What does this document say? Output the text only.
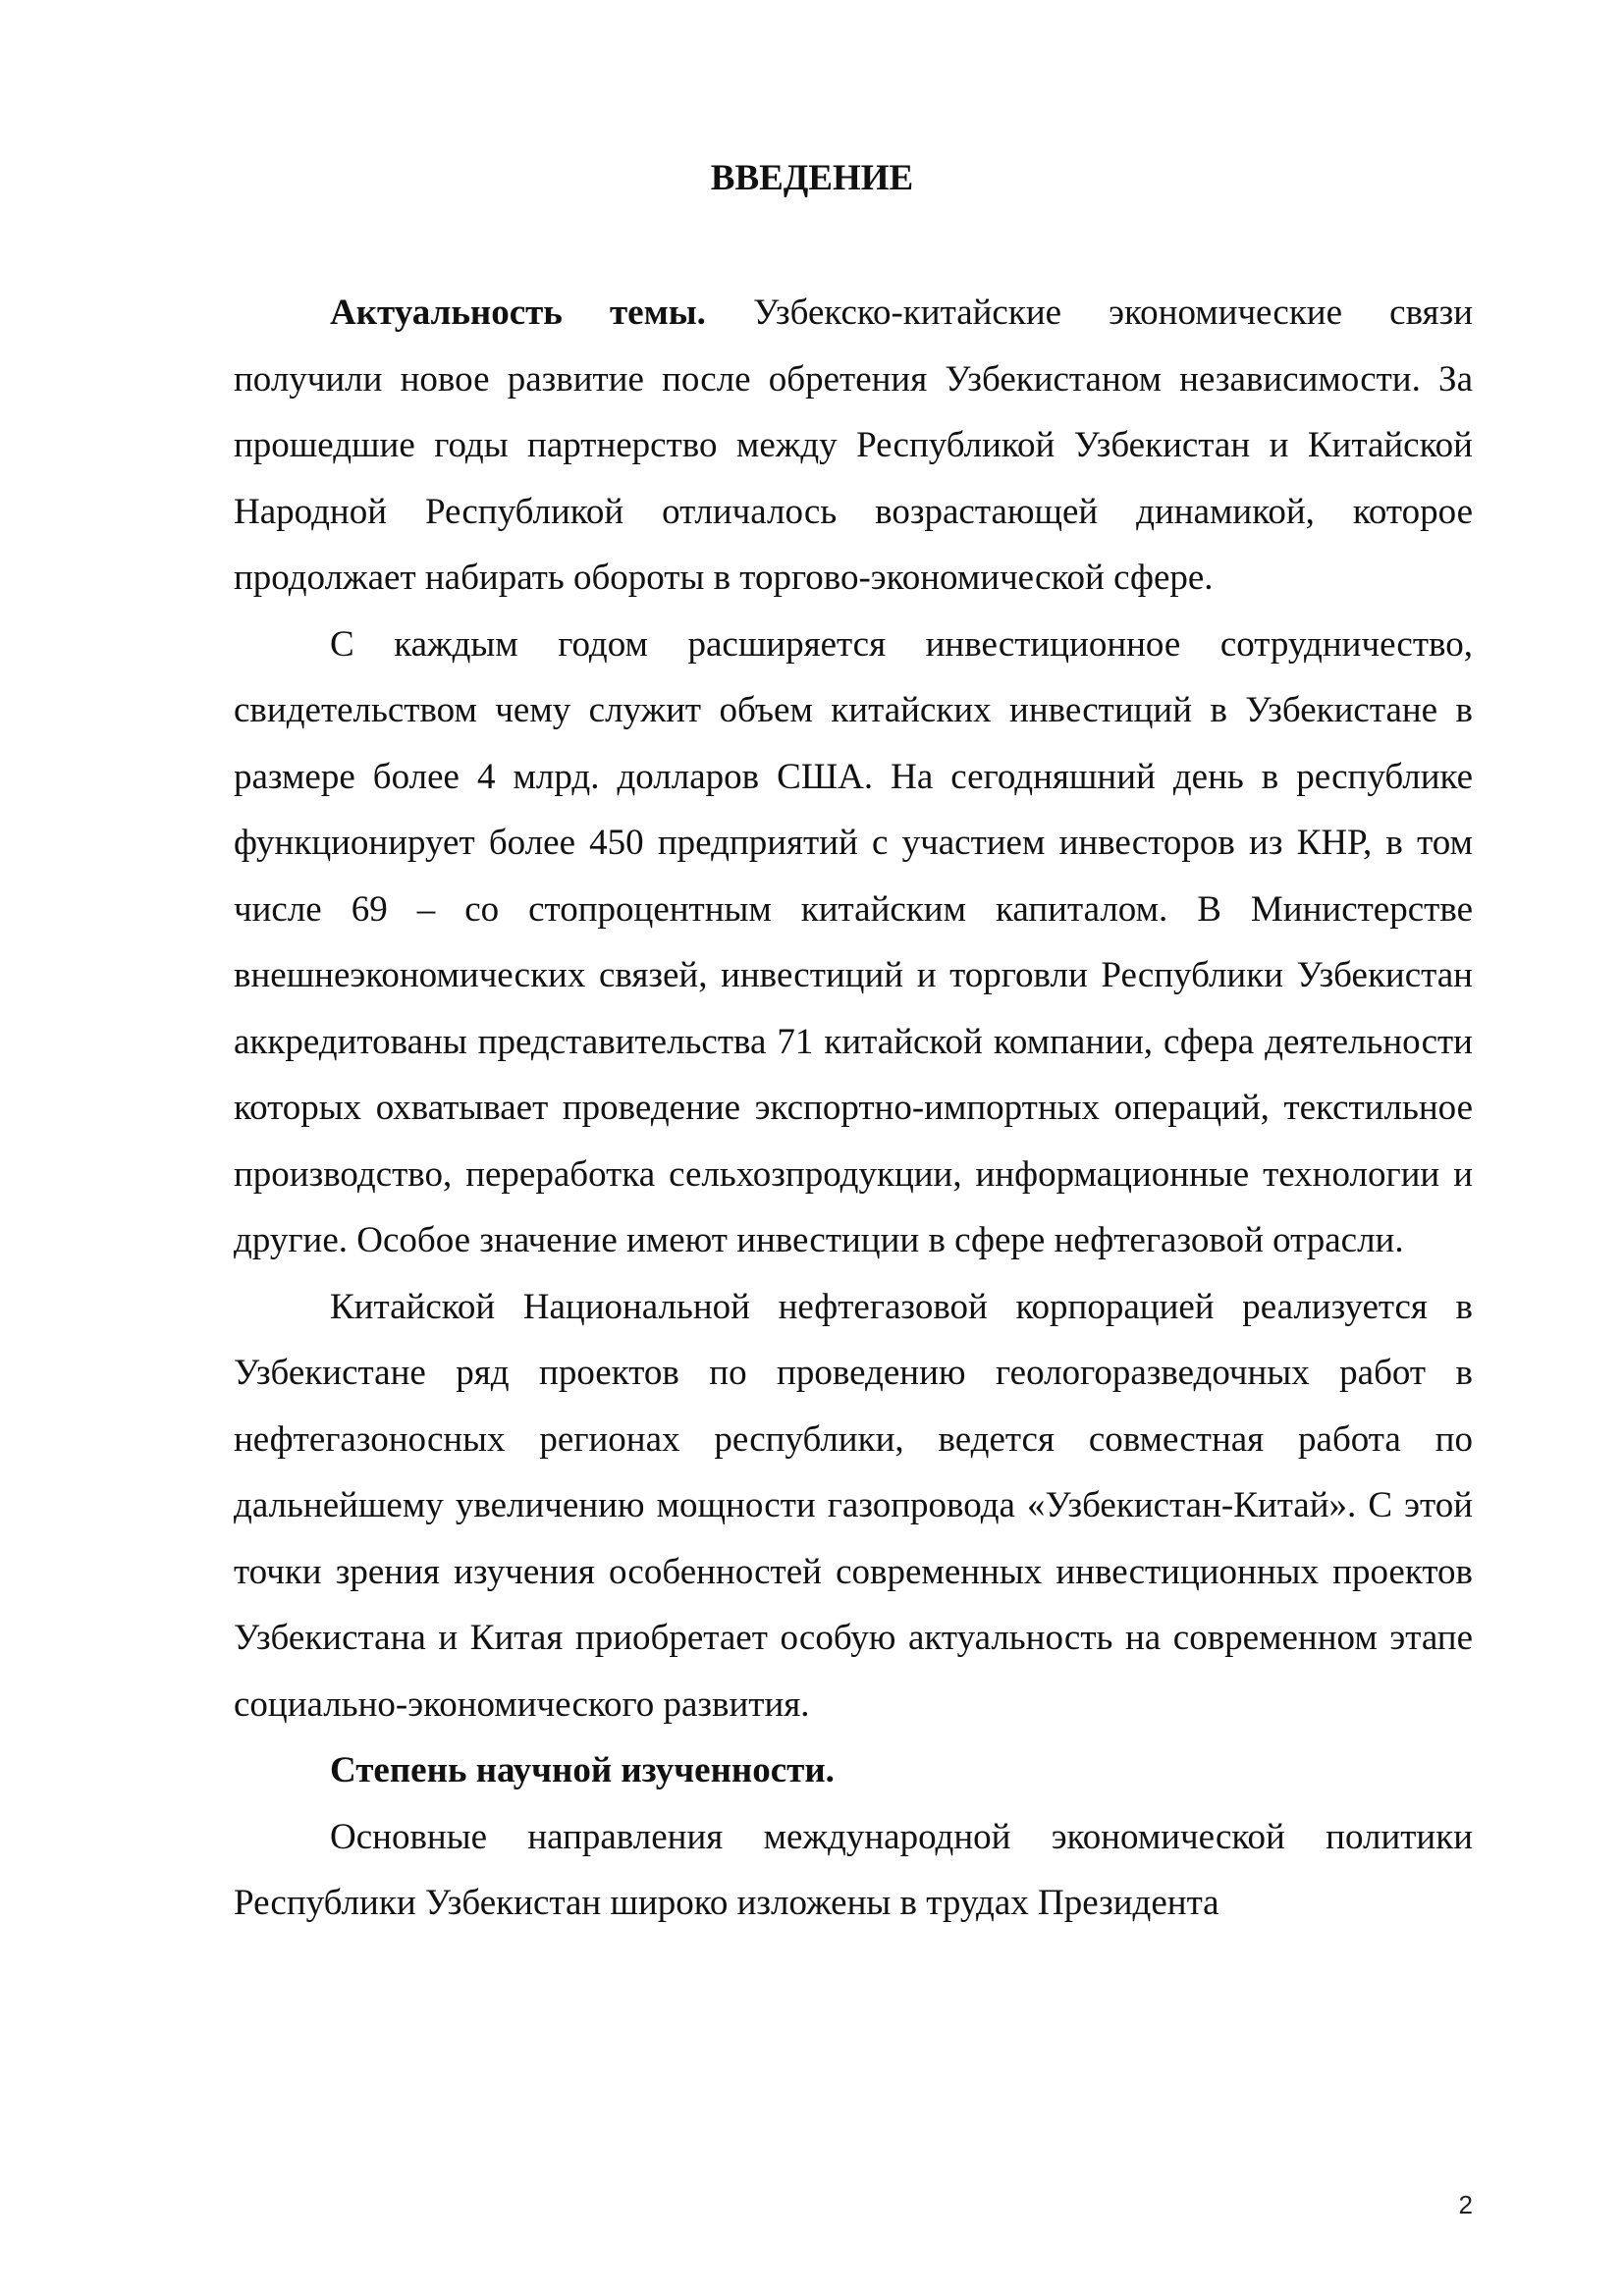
ВВЕДЕНИЕ

Актуальность темы. Узбекско-китайские экономические связи получили новое развитие после обретения Узбекистаном независимости. За прошедшие годы партнерство между Республикой Узбекистан и Китайской Народной Республикой отличалось возрастающей динамикой, которое продолжает набирать обороты в торгово-экономической сфере.

С каждым годом расширяется инвестиционное сотрудничество, свидетельством чему служит объем китайских инвестиций в Узбекистане в размере более 4 млрд. долларов США. На сегодняшний день в республике функционирует более 450 предприятий с участием инвесторов из КНР, в том числе 69 – со стопроцентным китайским капиталом. В Министерстве внешнеэкономических связей, инвестиций и торговли Республики Узбекистан аккредитованы представительства 71 китайской компании, сфера деятельности которых охватывает проведение экспортно-импортных операций, текстильное производство, переработка сельхозпродукции, информационные технологии и другие. Особое значение имеют инвестиции в сфере нефтегазовой отрасли.

Китайской Национальной нефтегазовой корпорацией реализуется в Узбекистане ряд проектов по проведению геологоразведочных работ в нефтегазоносных регионах республики, ведется совместная работа по дальнейшему увеличению мощности газопровода «Узбекистан-Китай». С этой точки зрения изучения особенностей современных инвестиционных проектов Узбекистана и Китая приобретает особую актуальность на современном этапе социально-экономического развития.

Степень научной изученности.

Основные направления международной экономической политики Республики Узбекистан широко изложены в трудах Президента

2
